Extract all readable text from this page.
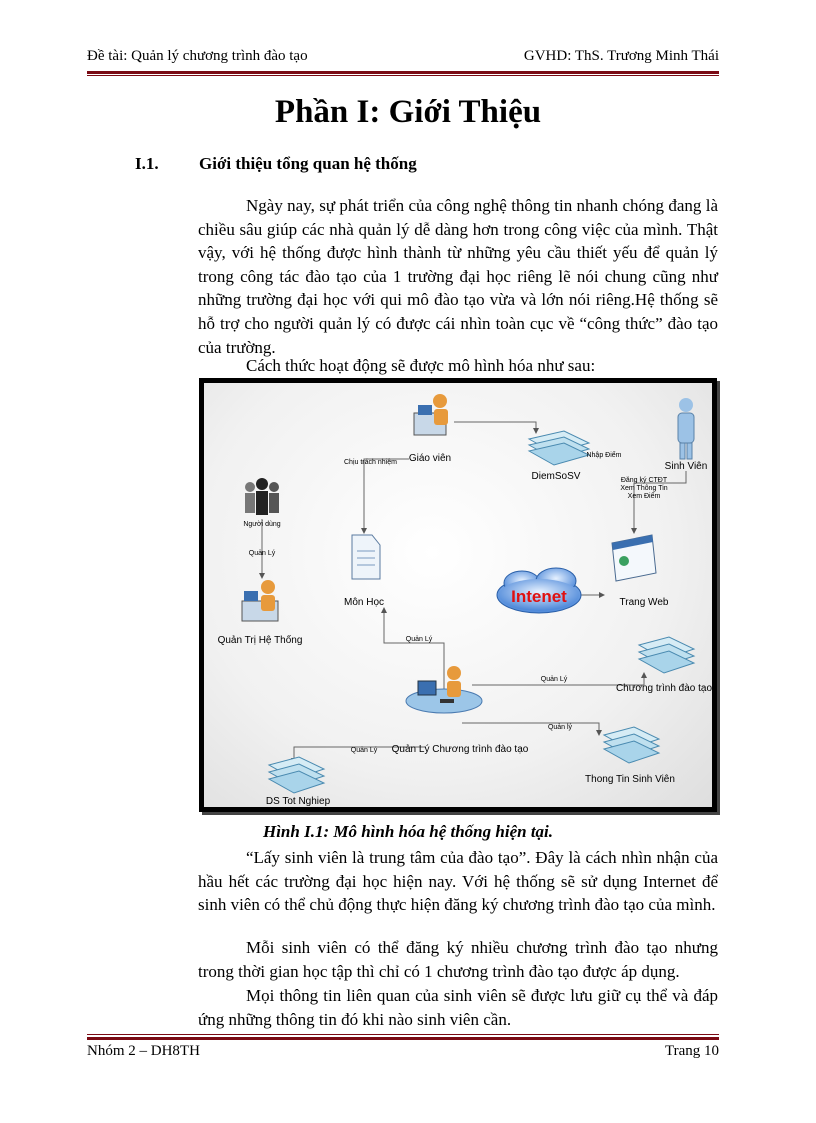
Đề tài: Quản lý chương trình đào tạo	GVHD: ThS. Trương Minh Thái
Phần I: Giới Thiệu
I.1. Giới thiệu tổng quan hệ thống

Ngày nay, sự phát triển của công nghệ thông tin nhanh chóng đang là chiều sâu giúp các nhà quản lý dễ dàng hơn trong công việc của mình. Thật vậy, với hệ thống được hình thành từ những yêu cầu thiết yếu để quản lý trong công tác đào tạo của 1 trường đại học riêng lẽ nói chung cũng như những trường đại học với qui mô đào tạo vừa và lớn nói riêng.Hệ thống sẽ hỗ trợ cho người quản lý có được cái nhìn toàn cục về “công thức” đào tạo của trường.

Cách thức hoạt động sẽ được mô hình hóa như sau:

Giáo viên
DiemSoSV
Sinh Viên
Đăng ký CTĐT
Xem Thông Tin
Xem Điểm
Người dùng
Quản Lý
Quản Trị Hệ Thống
Môn Học
Chịu trách nhiệm
Quản Lý
Intenet
Nhập Điểm
Trang Web
Chương trình đào tạo
Quản Lý
Quản Lý Chương trình đào tạo
Quản lý
Thong Tin Sinh Viên
DS Tot Nghiep
Quản Lý
Hình I.1: Mô hình hóa hệ thống hiện tại.

“Lấy sinh viên là trung tâm của đào tạo”. Đây là cách nhìn nhận của hầu hết các trường đại học hiện nay. Với hệ thống sẽ sử dụng Internet để sinh viên có thể chủ động thực hiện đăng ký chương trình đào tạo của mình.

Mỗi sinh viên có thể đăng ký nhiều chương trình đào tạo nhưng trong thời gian học tập thì chỉ có 1 chương trình đào tạo được áp dụng.

Mọi thông tin liên quan của sinh viên sẽ được lưu giữ cụ thể và đáp ứng những thông tin đó khi nào sinh viên cần.

Nhóm 2 – DH8TH	Trang 10
